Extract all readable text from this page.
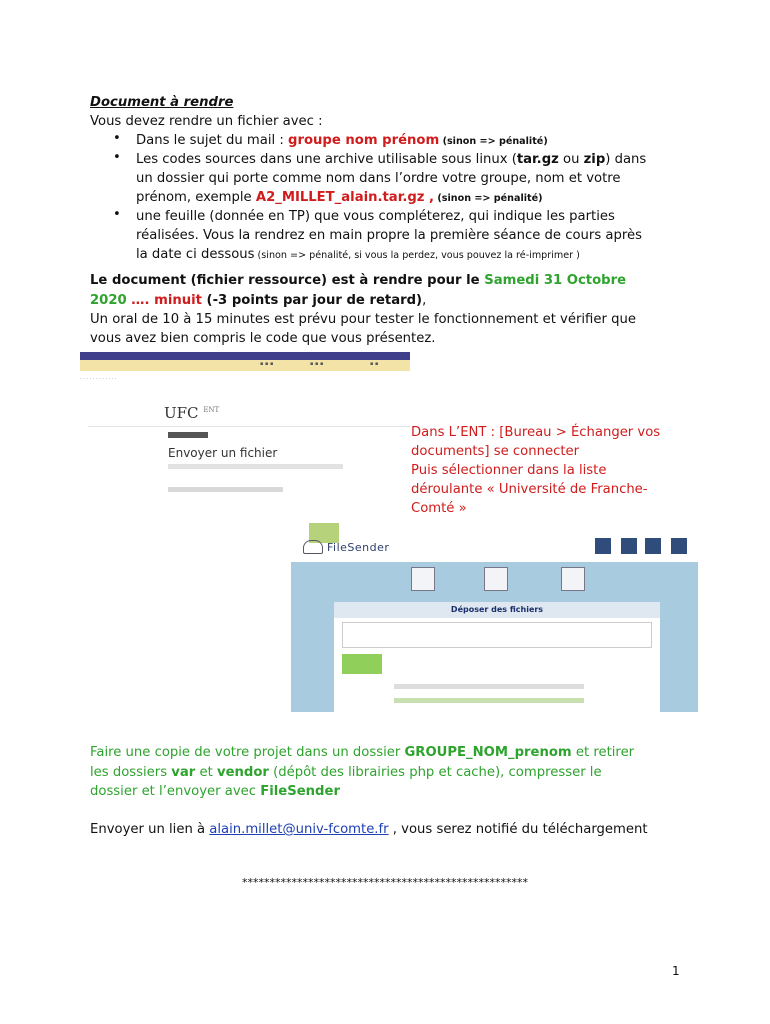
Document à rendre
Vous devez rendre un fichier avec :
• Dans le sujet du mail : groupe nom prénom (sinon => pénalité)
• Les codes sources dans une archive utilisable sous linux (tar.gz ou zip) dans
un dossier qui porte comme nom dans l’ordre votre groupe, nom et votre
prénom, exemple A2_MILLET_alain.tar.gz , (sinon => pénalité)
• une feuille (donnée en TP) que vous compléterez, qui indique les parties
réalisées. Vous la rendrez en main propre la première séance de cours après
la date ci dessous (sinon => pénalité, si vous la perdez, vous pouvez la ré-imprimer )
Le document (fichier ressource) est à rendre pour le Samedi 31 Octobre
2020 …. minuit (-3 points par jour de retard),
Un oral de 10 à 15 minutes est prévu pour tester le fonctionnement et vérifier que
vous avez bien compris le code que vous présentez.
▪ ▪ ▪	▪ ▪ ▪	▪ ▪
· · · · · · · · · · · ·
UFC $^{ENT}$
Envoyer un fichier
Dans L’ENT : [Bureau > Échanger vos
documents] se connecter
Puis sélectionner dans la liste
déroulante « Université de Franche-
Comté »
FileSender
Déposer des fichiers
Faire une copie de votre projet dans un dossier GROUPE_NOM_prenom et retirer
les dossiers var et vendor (dépôt des librairies php et cache), compresser le
dossier et l’envoyer avec FileSender
Envoyer un lien à alain.millet@univ-fcomte.fr , vous serez notifié du téléchargement
****************************************************
1
